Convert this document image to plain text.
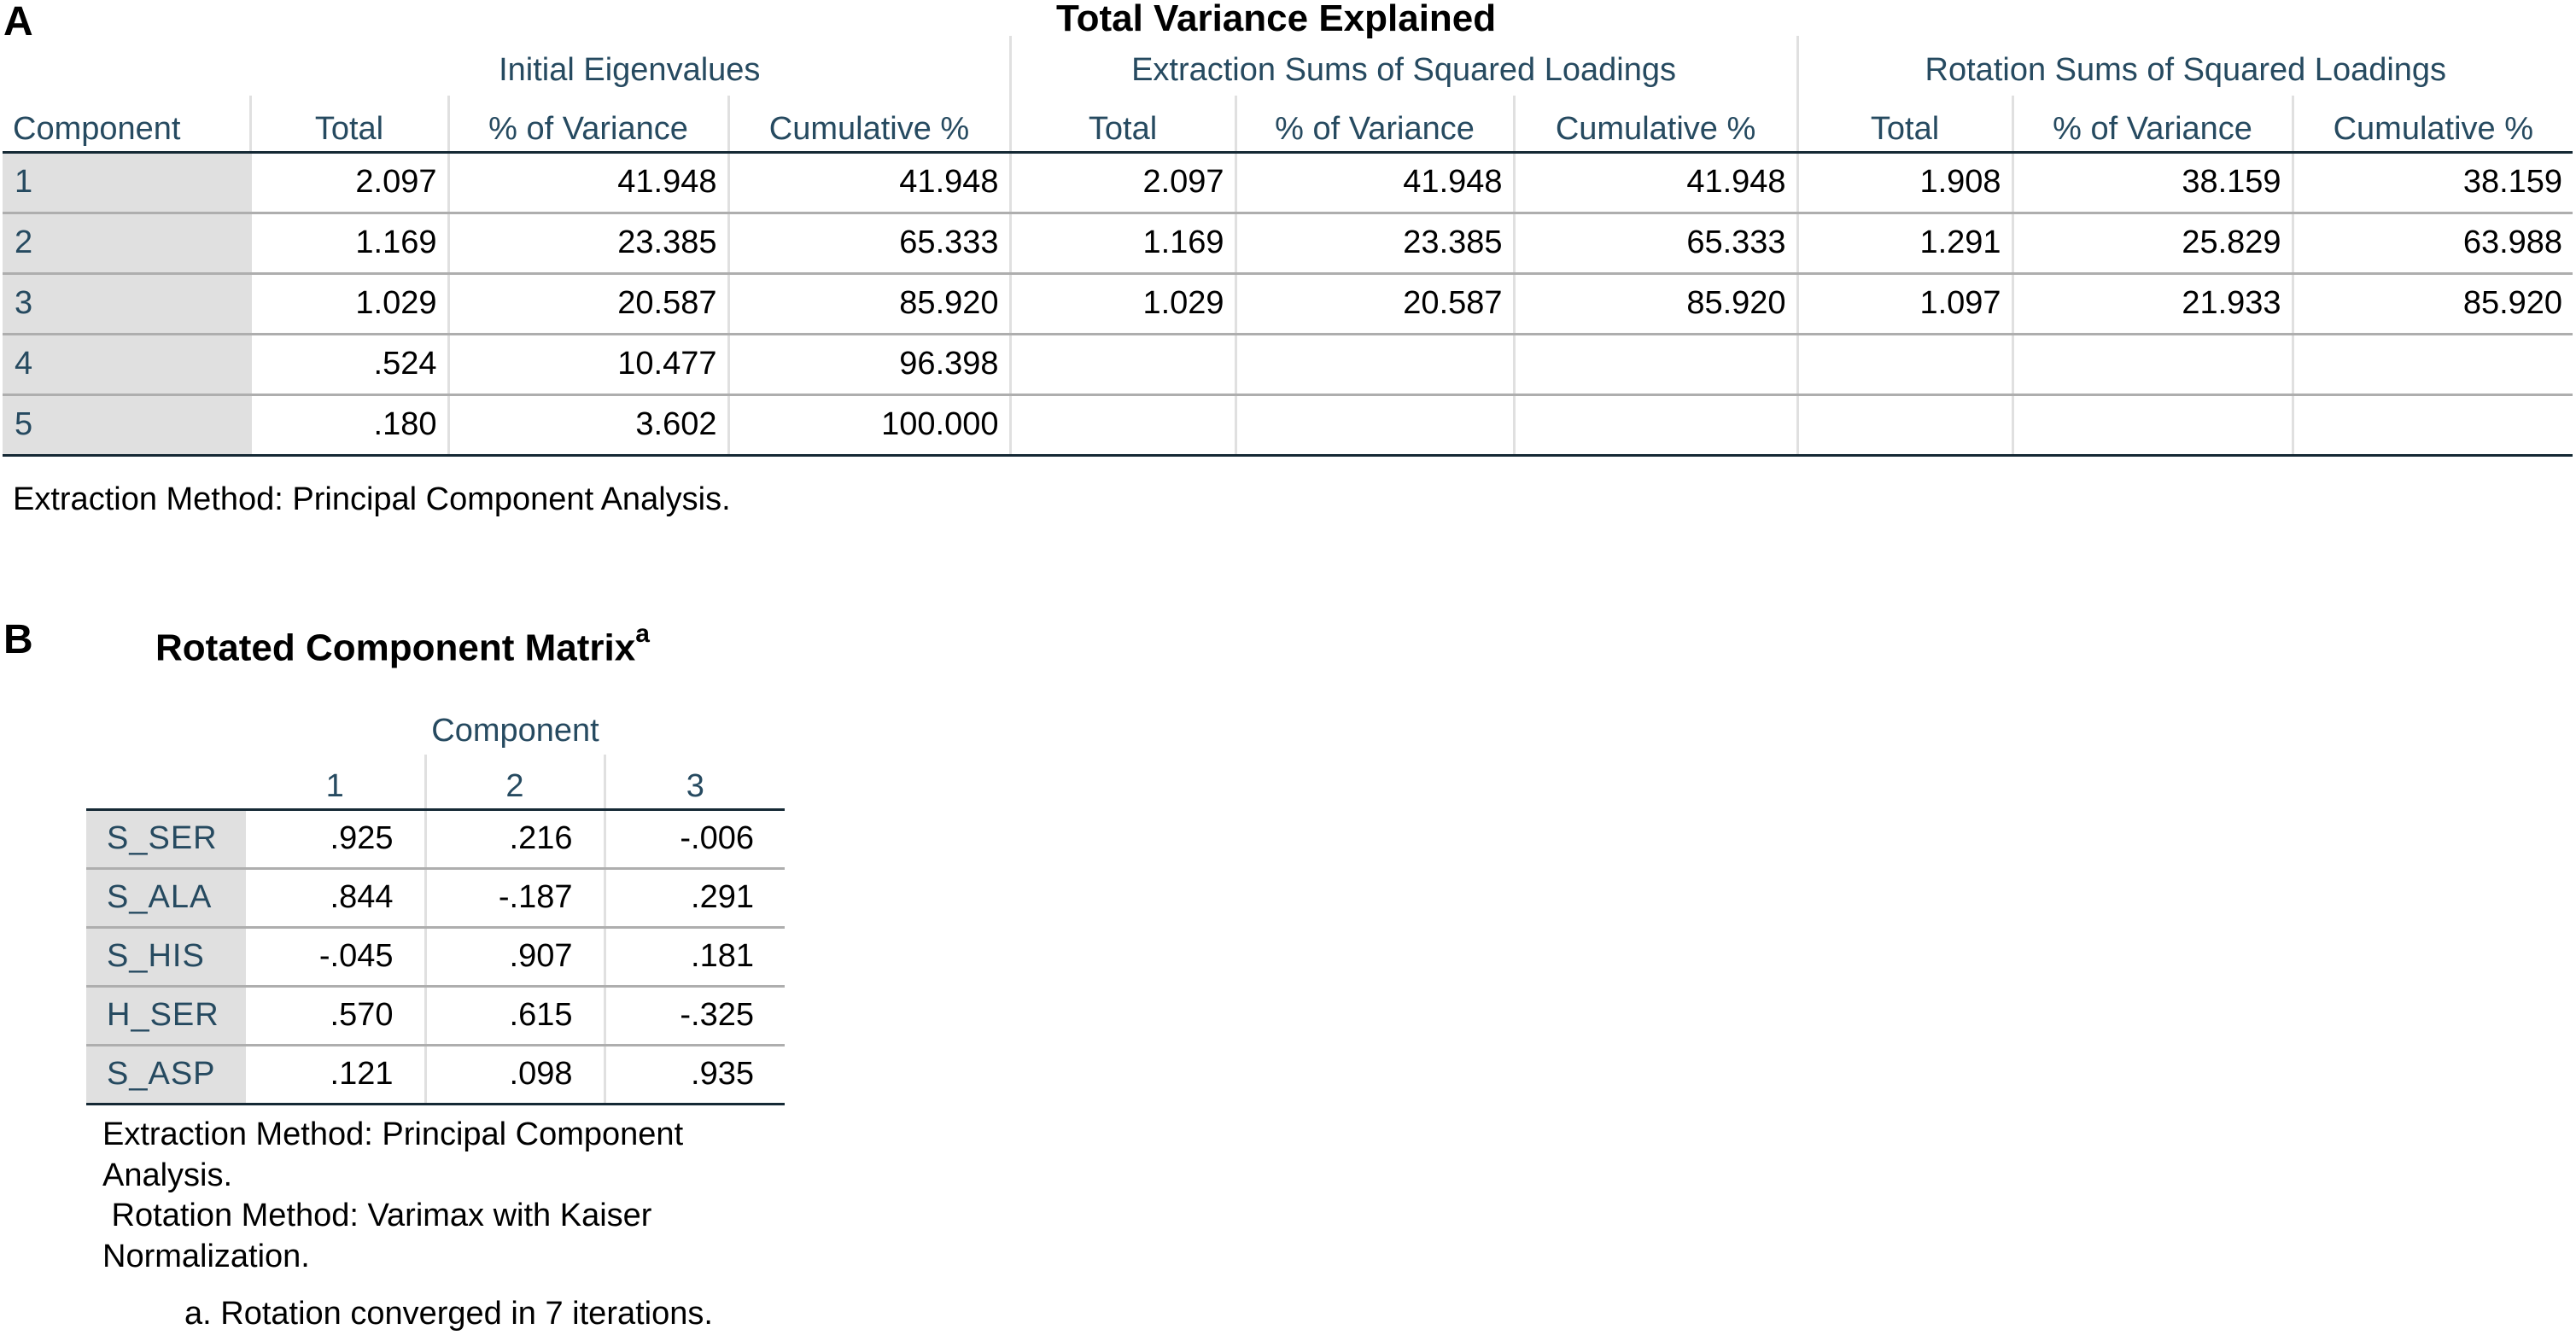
A	Total Variance Explained
	Initial Eigenvalues			Extraction Sums of Squared Loadings			Rotation Sums of Squared Loadings		
Component	Total	% of Variance	Cumulative %	Total	% of Variance	Cumulative %	Total	% of Variance	Cumulative %
1	2.097	41.948	41.948	2.097	41.948	41.948	1.908	38.159	38.159
2	1.169	23.385	65.333	1.169	23.385	65.333	1.291	25.829	63.988
3	1.029	20.587	85.920	1.029	20.587	85.920	1.097	21.933	85.920
4	.524	10.477	96.398						
5	.180	3.602	100.000						
Extraction Method: Principal Component Analysis.
B	Rotated Component Matrix$^a$
	Component		
	1	2	3
S_SER	.925	.216	-.006
S_ALA	.844	-.187	.291
S_HIS	-.045	.907	.181
H_SER	.570	.615	-.325
S_ASP	.121	.098	.935
Extraction Method: Principal Component
Analysis.
Rotation Method: Varimax with Kaiser
Normalization.
a. Rotation converged in 7 iterations.
